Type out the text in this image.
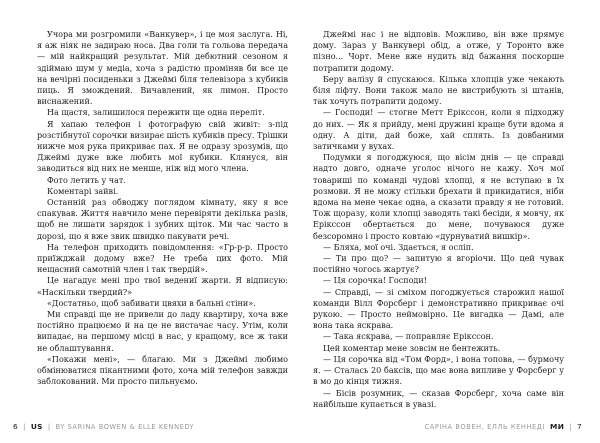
Учора ми розгромили «Ванкувер», і це моя заслуга. Ні, я аж ніяк не задираю носа. Два голи та гольова передача — мій найкращий результат. Мій дебютний сезоном я здіймаю шум у медіа, хоча з радістю проміняв би все це на вечірні посиденьки з Джеймі біля телевізора з кубиків пиць. Я змождений. Вичавлений, як лимон. Просто виснажений.

На щастя, залишилося пережити ще одна переліт.

Я хапаю телефон і фотографую свій живіт: з-під розстібнутої сорочки визирає шість кубиків пресу. Трішки нижче моя рука прикриває пах. Я не одразу зрозумів, що Джеймі дуже вже любить мої кубики. Клянуся, він заводиться від них не менше, ніж від мого члена.

Фото летить у чат.

Коментарі зайві.

Останній раз обводжу поглядом кімнату, яку я все спакував. Життя навчило мене перевіряти декілька разів, щоб не лишати зарядок і зубних щіток. Ми час часто в дорозі, що я вже звик швидко пакувати речі.

На телефон приходить повідомлення: «Гр-р-р. Просто приїжджай додому вже? Не треба цих фото. Мій нещасний самотній член і так твердій».

Це нагадує мені про твої ведениї жарти. Я відписую: «Наскільки твердий?»

«Достатньо, щоб забивати цвяхи в бальні стіни».

Ми справді ще не привели до ладу квартиру, хоча вже постійно працюємо й на це не вистачає часу. Утім, коли випадає, на першому місці в нас, у кращому, все ж таки не облаштування.

«Покажи мені», — благаю. Ми з Джеймі любимо обмінюватися пікантними фото, хоча мій телефон завжди заблокований. Ми просто пильнуємо.

6 | US | BY SARINA BOWEN & ELLE KENNEDY

Джеймі нас і не відповів. Можливо, він вже прямує дому. Зараз у Ванкувері обід, а отже, у Торонто вже пізно... Чорт. Мене вже нудить від бажання поскорше потрапити додому.

Беру валізу й спускаюся. Кілька хлопців уже чекають біля ліфту. Вони також мало не вистрибують зі штанів, так хочуть потрапити додому.

— Господи! — стогне Метт Ерікссон, коли я підходжу до них. — Як я прийду, мені дружині краще бути вдома я одну. А діти, дай боже, хай сплять. Із довбаними затичками у вухах.

Подумки я погоджуюся, що вісім днів — це справді надто довго, одначе уголос нічого не кажу. Хоч мої товариші по команді чудові хлопці, я не вступаю в їх розмови. Я не можу стільки брехати й прикидатися, ніби вдома на мене чекає одна, а сказати правду я не готовий. Тож щоразу, коли хлопці заводять такі бесіди, я мовчу, як Ерікссон обертається до мене, почуваюся дуже безсоромно і просто ковтаю «дурнуватий вишкір».

— Бляха, мої очі. Здається, я осліп.

— Ти про що? — запитую я вгоріочи. Що цей чувак постійно чогось жартує?

— Ця сорочка! Господи!

— Справді, — зі сміхом погоджується старожил нашої команди Вілл Форсберг і демонстративно прикриває очі рукою. — Просто неймовірно. Це вигадка — Дамі, але вона така яскрава.

— Така яскрава, — поправляє Ерікссон.

Цей коментар мене зовсім не бентежить.

— Ця сорочка від «Том Форд», і вона топова, — бурмочу я. — Сталась 20 баксів, що має вона випливе у Форсберг у в мо до кінця тижня.

— Бісів розумник, — сказав Форсберг, хоча саме він найбільше купається в увазі.

САРІНА ВОВЕН, ЕЛЛЬ КЕННЕДІ МИ | 7
